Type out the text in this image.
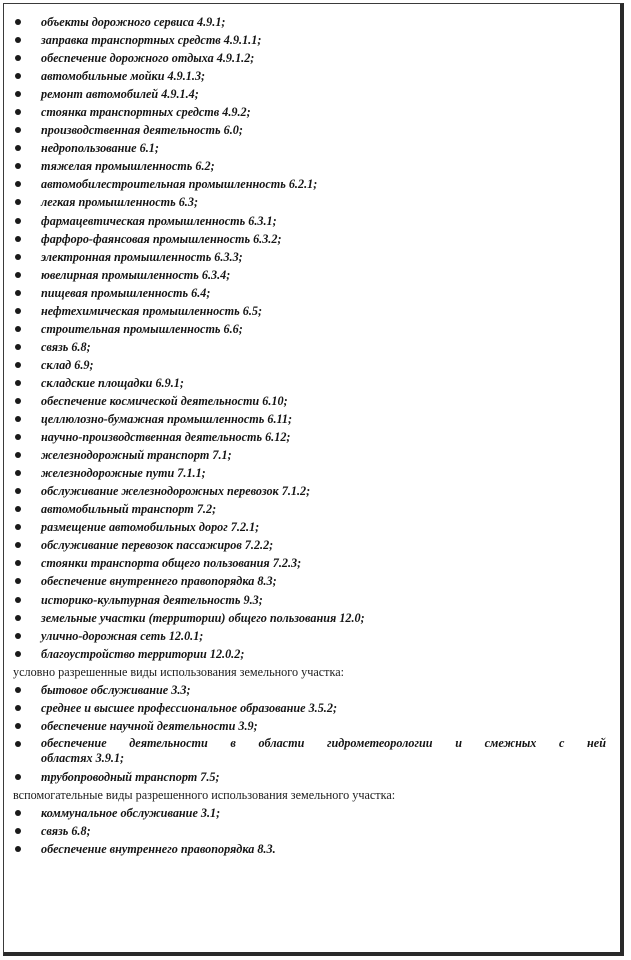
объекты дорожного сервиса 4.9.1;
заправка транспортных средств 4.9.1.1;
обеспечение дорожного отдыха 4.9.1.2;
автомобильные мойки 4.9.1.3;
ремонт автомобилей 4.9.1.4;
стоянка транспортных средств 4.9.2;
производственная деятельность 6.0;
недропользование 6.1;
тяжелая промышленность 6.2;
автомобилестроительная промышленность 6.2.1;
легкая промышленность 6.3;
фармацевтическая промышленность 6.3.1;
фарфоро-фаянсовая промышленность 6.3.2;
электронная промышленность 6.3.3;
ювелирная промышленность 6.3.4;
пищевая промышленность 6.4;
нефтехимическая промышленность 6.5;
строительная промышленность 6.6;
связь 6.8;
склад 6.9;
складские площадки 6.9.1;
обеспечение космической деятельности 6.10;
целлюлозно-бумажная промышленность 6.11;
научно-производственная деятельность 6.12;
железнодорожный транспорт 7.1;
железнодорожные пути 7.1.1;
обслуживание железнодорожных перевозок 7.1.2;
автомобильный транспорт 7.2;
размещение автомобильных дорог 7.2.1;
обслуживание перевозок пассажиров 7.2.2;
стоянки транспорта общего пользования 7.2.3;
обеспечение внутреннего правопорядка 8.3;
историко-культурная деятельность 9.3;
земельные участки (территории) общего пользования 12.0;
улично-дорожная сеть 12.0.1;
благоустройство территории 12.0.2;
условно разрешенные виды использования земельного участка:
бытовое обслуживание 3.3;
среднее и высшее профессиональное образование 3.5.2;
обеспечение научной деятельности 3.9;
обеспечение деятельности в области гидрометеорологии и смежных с ней
областях 3.9.1;
трубопроводный транспорт 7.5;
вспомогательные виды разрешенного использования земельного участка:
коммунальное обслуживание 3.1;
связь 6.8;
обеспечение внутреннего правопорядка 8.3.
